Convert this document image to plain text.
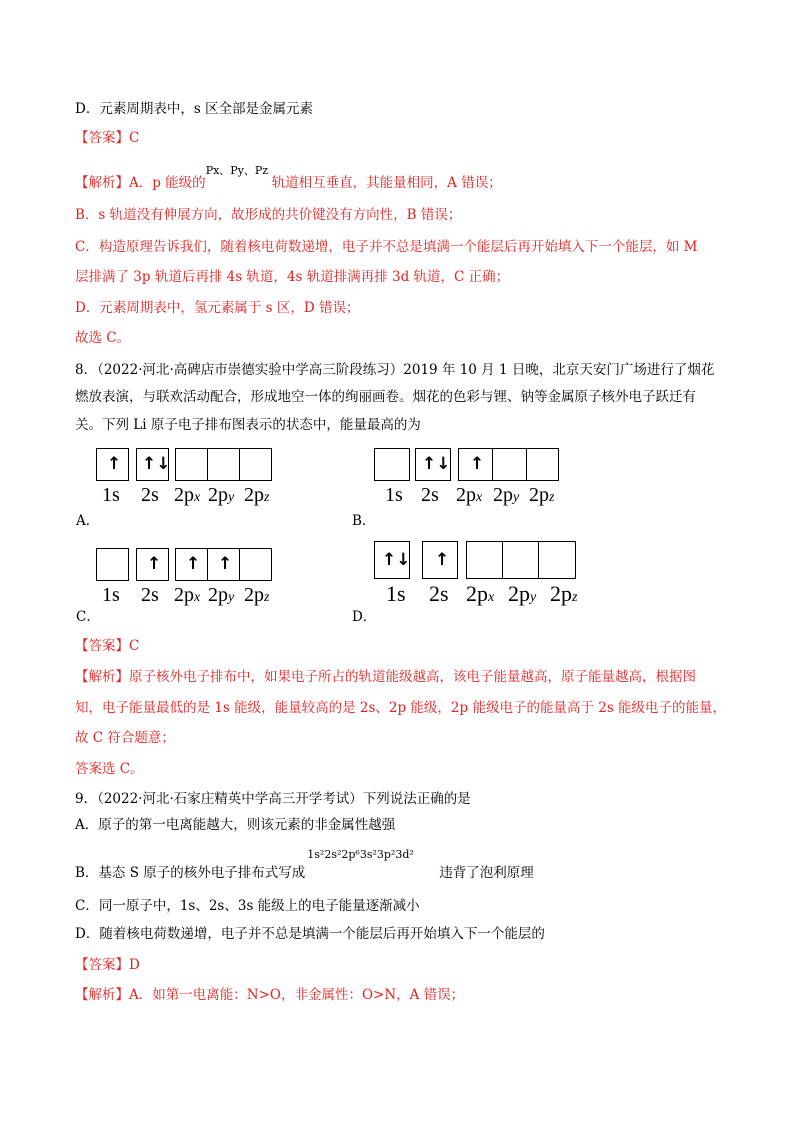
D．元素周期表中，s 区全部是金属元素
【答案】C
【解析】A．p 能级的
Px、Py、Pz
轨道相互垂直，其能量相同，A 错误；
B．s 轨道没有伸展方向，故形成的共价键没有方向性，B 错误；
C．构造原理告诉我们，随着核电荷数递增，电子并不总是填满一个能层后再开始填入下一个能层，如 M
层排满了 3p 轨道后再排 4s 轨道，4s 轨道排满再排 3d 轨道，C 正确；
D．元素周期表中，氢元素属于 s 区，D 错误；
故选 C。
8．（2022·河北·高碑店市崇德实验中学高三阶段练习）2019 年 10 月 1 日晚，北京天安门广场进行了烟花
燃放表演，与联欢活动配合，形成地空一体的绚丽画卷。烟花的色彩与锂、钠等金属原子核外电子跃迁有
关。下列 Li 原子电子排布图表示的状态中，能量最高的为
↑ ↑↓
1s 2s 2px 2py 2pz
A．
↑↓ ↑
1s 2s 2px 2py 2pz
B．
↑ ↑ ↑
1s 2s 2px 2py 2pz
C．
↑↓ ↑
1s 2s 2px 2py 2pz
D．
【答案】C
【解析】原子核外电子排布中，如果电子所占的轨道能级越高，该电子能量越高，原子能量越高，根据图
知，电子能量最低的是 1s 能级，能量较高的是 2s、2p 能级，2p 能级电子的能量高于 2s 能级电子的能量，
故 C 符合题意；
答案选 C。
9．（2022·河北·石家庄精英中学高三开学考试）下列说法正确的是
A．原子的第一电离能越大，则该元素的非金属性越强
B．基态 S 原子的核外电子排布式写成
1s²2s²2p⁶3s²3p²3d²
违背了泡利原理
C．同一原子中，1s、2s、3s 能级上的电子能量逐渐减小
D．随着核电荷数递增，电子并不总是填满一个能层后再开始填入下一个能层的
【答案】D
【解析】A．如第一电离能：N>O，非金属性：O>N，A 错误；
